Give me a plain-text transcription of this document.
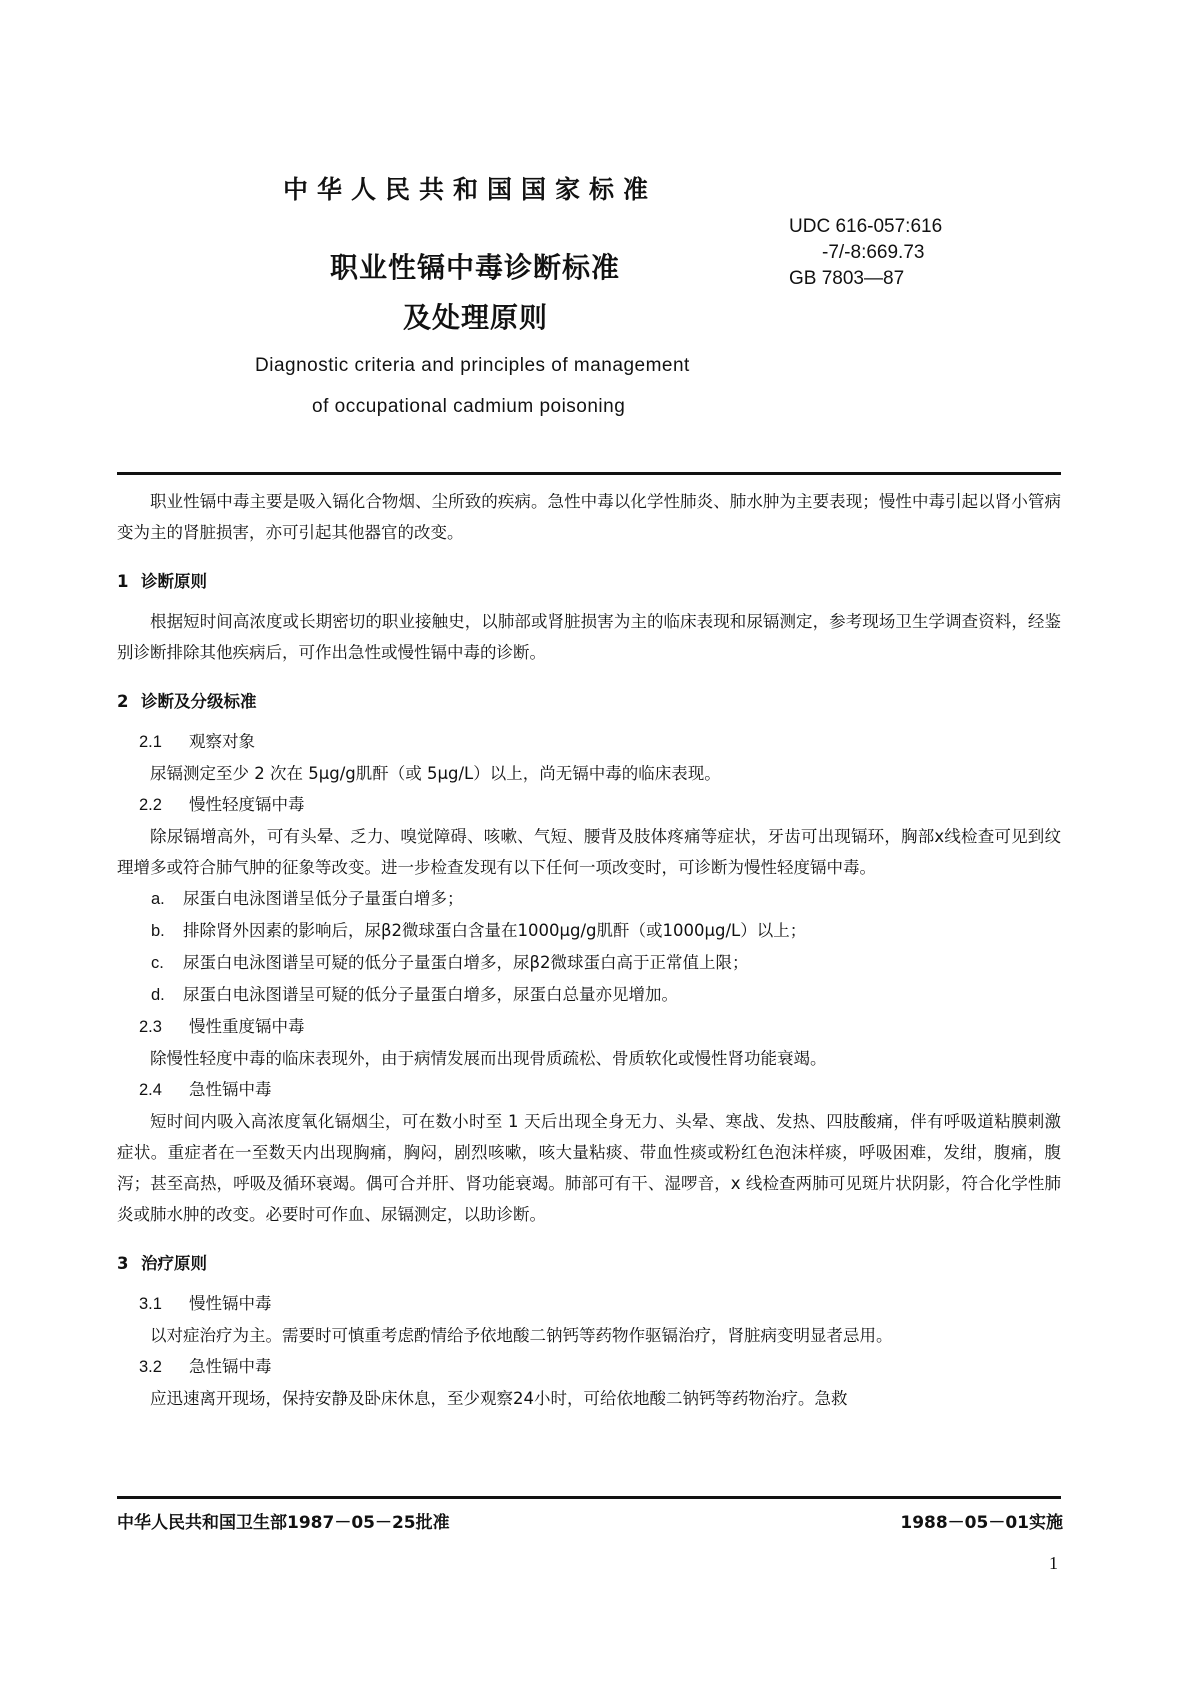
中华人民共和国国家标准
职业性镉中毒诊断标准
及处理原则
UDC 616-057:616
-7/-8:669.73
GB 7803—87
Diagnostic criteria and principles of management
of occupational cadmium poisoning

职业性镉中毒主要是吸入镉化合物烟、尘所致的疾病。急性中毒以化学性肺炎、肺水肿为主要表现；慢性中毒引起以肾小管病变为主的肾脏损害，亦可引起其他器官的改变。

1 诊断原则

根据短时间高浓度或长期密切的职业接触史，以肺部或肾脏损害为主的临床表现和尿镉测定，参考现场卫生学调查资料，经鉴别诊断排除其他疾病后，可作出急性或慢性镉中毒的诊断。

2 诊断及分级标准

2.1 观察对象

尿镉测定至少 2 次在 5μg/g肌酐（或 5μg/L）以上，尚无镉中毒的临床表现。

2.2 慢性轻度镉中毒

除尿镉增高外，可有头晕、乏力、嗅觉障碍、咳嗽、气短、腰背及肢体疼痛等症状，牙齿可出现镉环，胸部x线检查可见到纹理增多或符合肺气肿的征象等改变。进一步检查发现有以下任何一项改变时，可诊断为慢性轻度镉中毒。

a. 尿蛋白电泳图谱呈低分子量蛋白增多；

b. 排除肾外因素的影响后，尿β2微球蛋白含量在1000μg/g肌酐（或1000μg/L）以上；

c. 尿蛋白电泳图谱呈可疑的低分子量蛋白增多，尿β2微球蛋白高于正常值上限；

d. 尿蛋白电泳图谱呈可疑的低分子量蛋白增多，尿蛋白总量亦见增加。

2.3 慢性重度镉中毒

除慢性轻度中毒的临床表现外，由于病情发展而出现骨质疏松、骨质软化或慢性肾功能衰竭。

2.4 急性镉中毒

短时间内吸入高浓度氧化镉烟尘，可在数小时至 1 天后出现全身无力、头晕、寒战、发热、四肢酸痛，伴有呼吸道粘膜刺激症状。重症者在一至数天内出现胸痛，胸闷，剧烈咳嗽，咳大量粘痰、带血性痰或粉红色泡沫样痰，呼吸困难，发绀，腹痛，腹泻；甚至高热，呼吸及循环衰竭。偶可合并肝、肾功能衰竭。肺部可有干、湿啰音，x 线检查两肺可见斑片状阴影，符合化学性肺炎或肺水肿的改变。必要时可作血、尿镉测定，以助诊断。

3 治疗原则

3.1 慢性镉中毒

以对症治疗为主。需要时可慎重考虑酌情给予依地酸二钠钙等药物作驱镉治疗，肾脏病变明显者忌用。

3.2 急性镉中毒

应迅速离开现场，保持安静及卧床休息，至少观察24小时，可给依地酸二钠钙等药物治疗。急救

中华人民共和国卫生部1987－05－25批准	1988－05－01实施
1
